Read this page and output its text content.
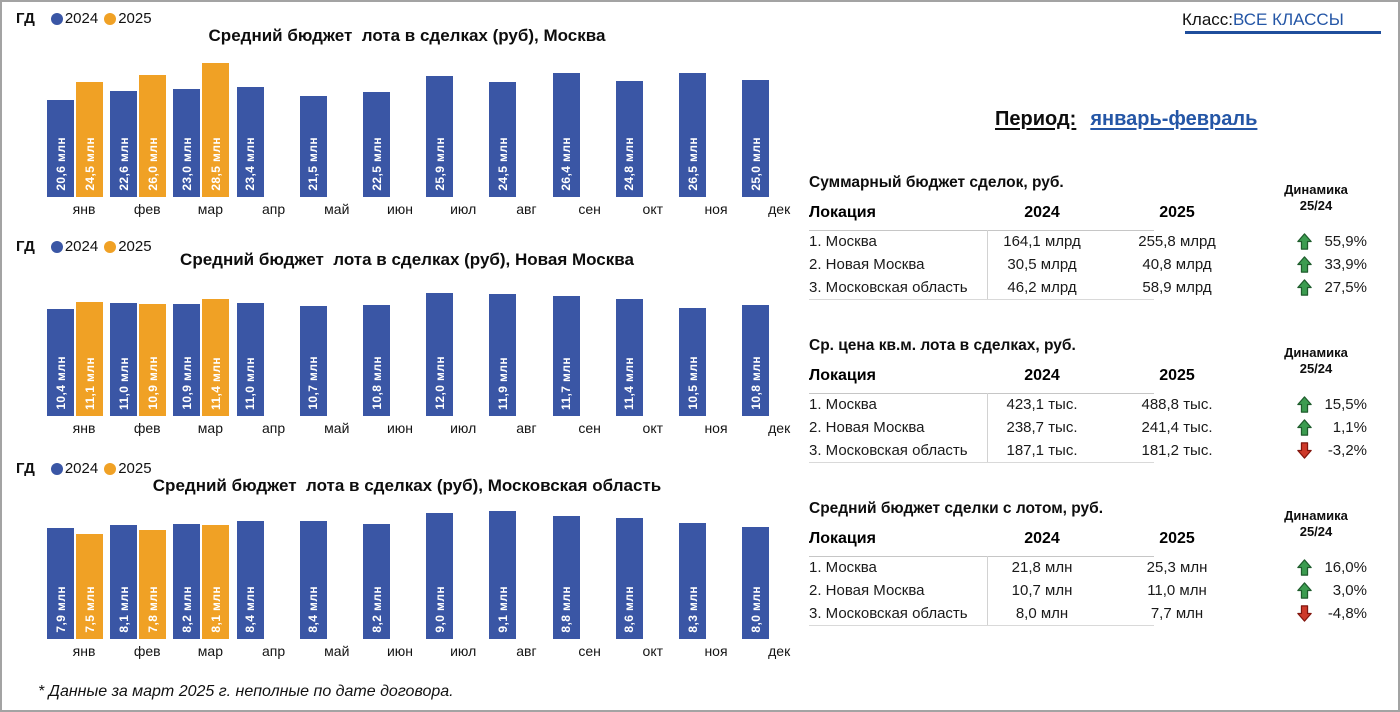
ГД 2024 2025
Средний бюджет  лота в сделках (руб), Москва
20,6 млн 24,5 млн 22,6 млн 26,0 млн 23,0 млн 28,5 млн 23,4 млн	21,5 млн	22,5 млн	25,9 млн	24,5 млн	26,4 млн	24,8 млн	26,5 млн	25,0 млн
янв	фев	мар	апр	май	июн	июл	авг	сен	окт	ноя	дек
ГД 2024 2025
Средний бюджет  лота в сделках (руб), Новая Москва
10,4 млн 11,1 млн 11,0 млн 10,9 млн 10,9 млн 11,4 млн 11,0 млн	10,7 млн	10,8 млн	12,0 млн	11,9 млн	11,7 млн	11,4 млн	10,5 млн	10,8 млн
янв	фев	мар	апр	май	июн	июл	авг	сен	окт	ноя	дек
ГД 2024 2025
Средний бюджет  лота в сделках (руб), Московская область
7,9 млн 7,5 млн 8,1 млн 7,8 млн 8,2 млн 8,1 млн 8,4 млн	8,4 млн	8,2 млн	9,0 млн	9,1 млн	8,8 млн	8,6 млн	8,3 млн	8,0 млн
янв	фев	мар	апр	май	июн	июл	авг	сен	окт	ноя	дек
* Данные за март 2025 г. неполные по дате договора.
Класс:ВСЕ КЛАССЫ
Период: январь-февраль
Суммарный бюджет сделок, руб.
Локация	2024	2025
Динамика
25/24
1. Москва	164,1 млрд	255,8 млрд	55,9%
2. Новая Москва	30,5 млрд	40,8 млрд	33,9%
3. Московская область	46,2 млрд	58,9 млрд	27,5%
Ср. цена кв.м. лота в сделках, руб.
Локация	2024	2025
Динамика
25/24
1. Москва	423,1 тыс.	488,8 тыс.	15,5%
2. Новая Москва	238,7 тыс.	241,4 тыс.	1,1%
3. Московская область	187,1 тыс.	181,2 тыс.	-3,2%
Средний бюджет сделки с лотом, руб.
Локация	2024	2025
Динамика
25/24
1. Москва	21,8 млн	25,3 млн	16,0%
2. Новая Москва	10,7 млн	11,0 млн	3,0%
3. Московская область	8,0 млн	7,7 млн	-4,8%
